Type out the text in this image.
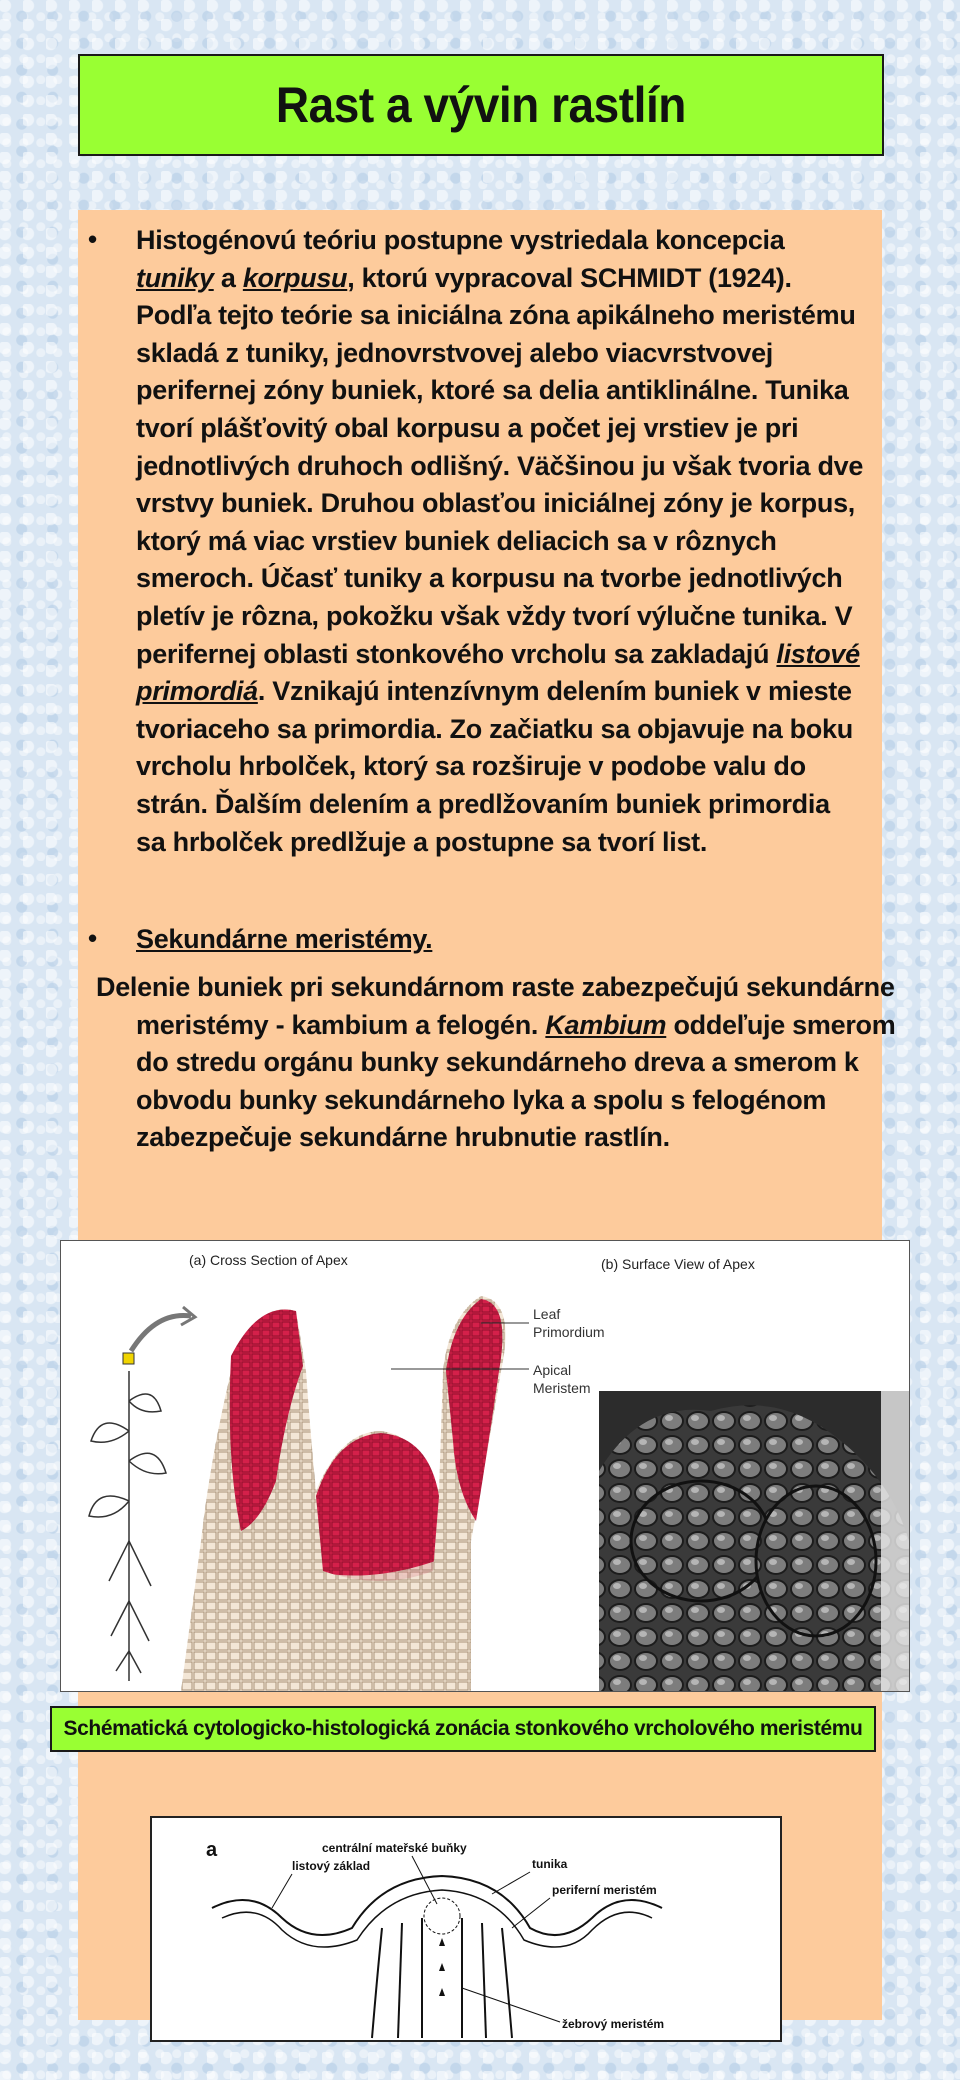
Rast a vývin rastlín
• Histogénovú teóriu postupne vystriedala koncepcia tuniky a korpusu, ktorú vypracoval SCHMIDT (1924). Podľa tejto teórie sa iniciálna zóna apikálneho meristému skladá z tuniky, jednovrstvovej alebo viacvrstvovej perifernej zóny buniek, ktoré sa delia antiklinálne. Tunika tvorí plášťovitý obal korpusu a počet jej vrstiev je pri jednotlivých druhoch odlišný. Väčšinou ju však tvoria dve vrstvy buniek. Druhou oblasťou iniciálnej zóny je korpus, ktorý má viac vrstiev buniek deliacich sa v rôznych smeroch. Účasť tuniky a korpusu na tvorbe jednotlivých pletív je rôzna, pokožku však vždy tvorí výlučne tunika. V perifernej oblasti stonkového vrcholu sa zakladajú listové primordiá. Vznikajú intenzívnym delením buniek v mieste tvoriaceho sa primordia. Zo začiatku sa objavuje na boku vrcholu hrbolček, ktorý sa rozširuje v podobe valu do strán. Ďalším delením a predlžovaním buniek primordia sa hrbolček predlžuje a postupne sa tvorí list.
• Sekundárne meristémy.
Delenie buniek pri sekundárnom raste zabezpečujú sekundárne meristémy - kambium a felogén. Kambium oddeľuje smerom do stredu orgánu bunky sekundárneho dreva a smerom k obvodu bunky sekundárneho lyka a spolu s felogénom zabezpečuje sekundárne hrubnutie rastlín.
(a) Cross Section of Apex	(b) Surface View of Apex
Leaf
Primordium
Apical
Meristem
Schématická cytologicko-histologická zonácia stonkového vrcholového meristému
a	centrální mateřské buňky
listový základ	tunika
periferní meristém
žebrový meristém
